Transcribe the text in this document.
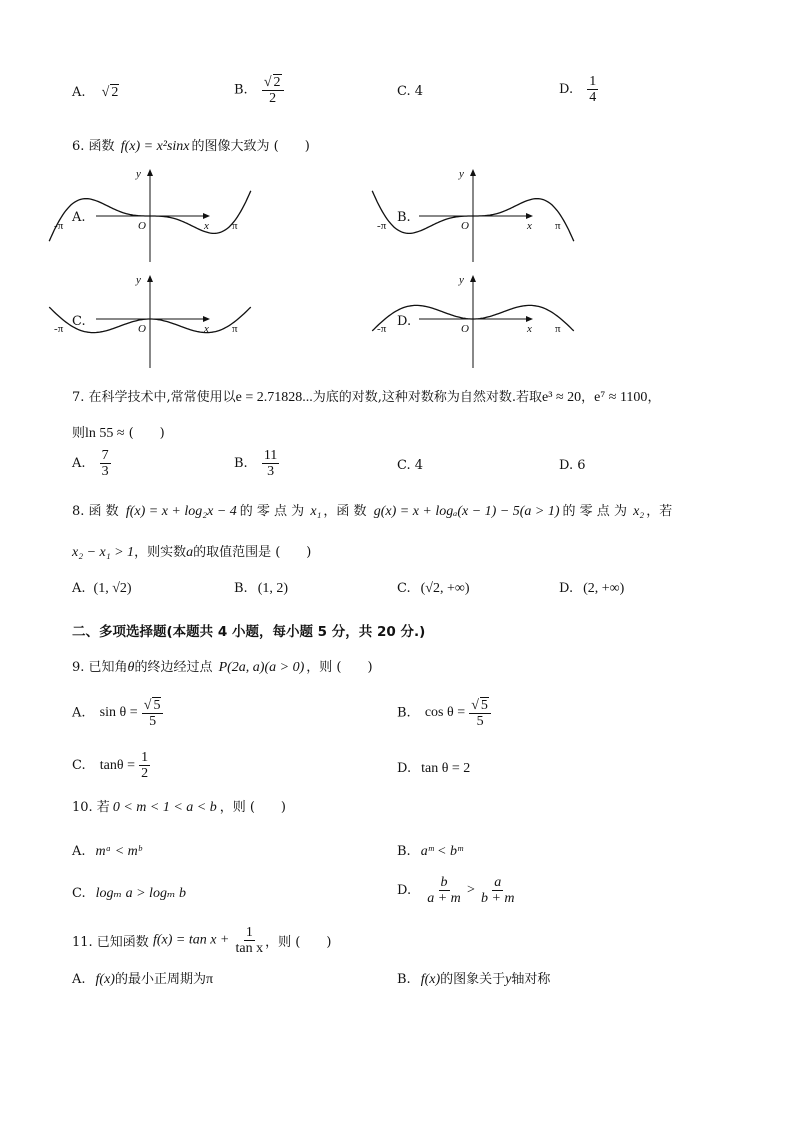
A. √ 2	B. $\frac{√ 2}{2}$	C. 4	D. $\frac{1}{4}$
6. 函数 f(x) = x²sinx 的图像大致为 (　　)
A.	B.
C.	D.
y
x
O
-π	π
y
x
O
-π	π
y
x
O
-π	π
y
x
O
-π	π
7. 在科学技术中,常常使用以e = 2.71828...为底的对数,这种对数称为自然对数.若取e³ ≈ 20，e⁷ ≈ 1100，
则ln 55 ≈ (　　)
A. $\frac{7}{3}$	B. $\frac{11}{3}$	C. 4	D. 6
8. 函 数 f(x) = x + log₂x − 4 的 零 点 为 x₁ ，函 数 g(x) = x + logₐ(x − 1) − 5(a > 1) 的 零 点 为 x₂ ，若
x₂ − x₁ > 1，则实数a的取值范围是 (　　)
A. (1, √2)	B. (1, 2)	C. (√2, +∞)	D. (2, +∞)
二、多项选择题(本题共 4 小题，每小题 5 分，共 20 分.)
9. 已知角θ的终边经过点 P(2a, a)(a > 0) ，则 (　　)
A. $\sin \theta = \frac{√ 5}{5}$	B. $\cos \theta = \frac{√ 5}{5}$
C. $\tan\theta = \frac{1}{2}$	D. tan θ = 2
10. 若 0 < m < 1 < a < b ，则 (　　)
A. mᵃ < mᵇ	B. aᵐ < bᵐ
C. logₘ a > logₘ b	D. $\frac{b}{a + m} > \frac{a}{b + m}$
11. 已知函数 $f(x) = \tan x + \frac{1}{\text{tan x}}$ ，则 (　　)
A. f(x)的最小正周期为π	B. f(x)的图象关于y轴对称
